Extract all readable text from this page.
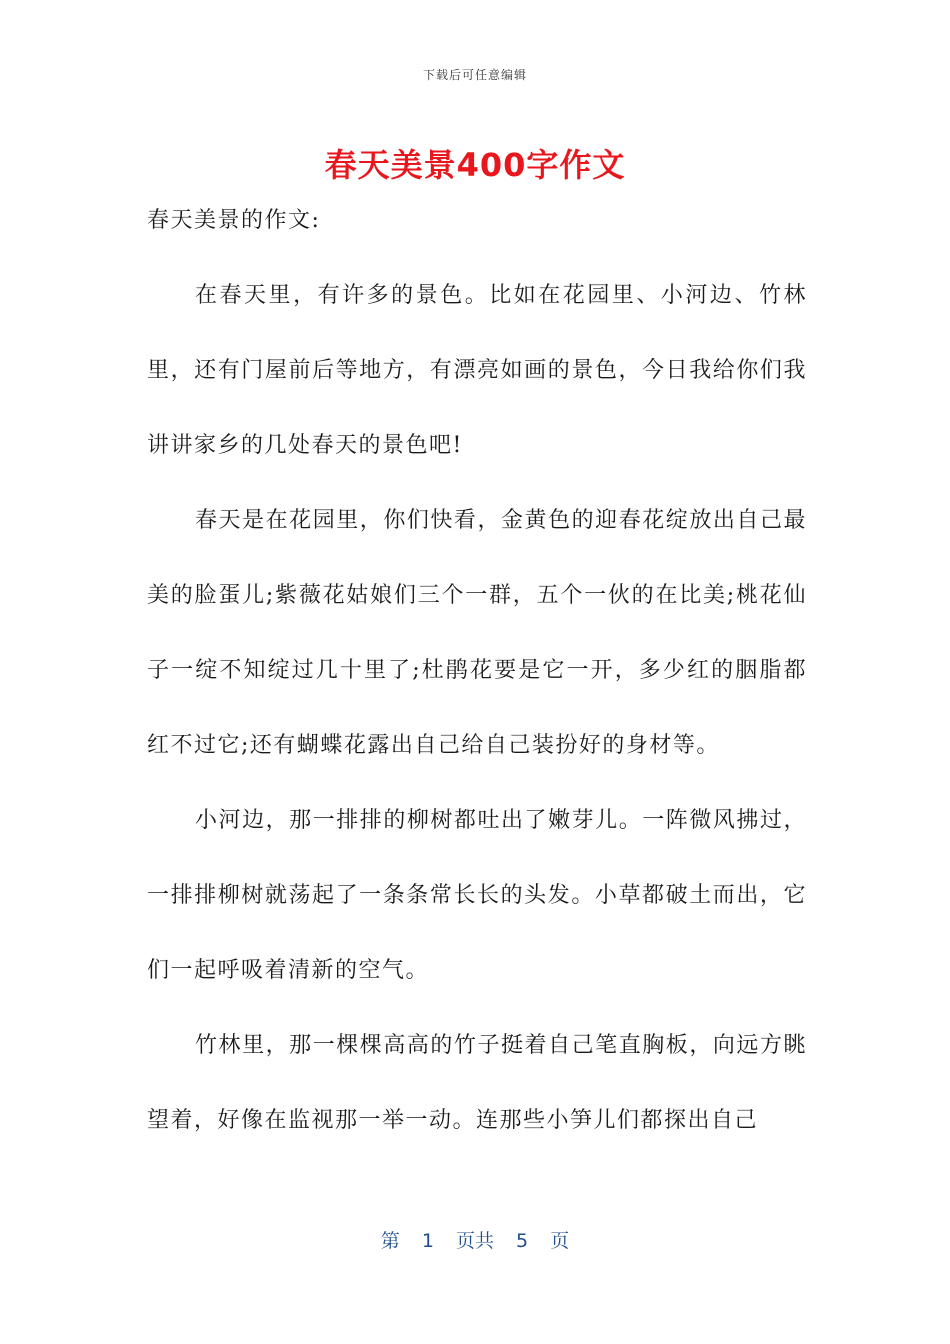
下载后可任意编辑
春天美景400字作文

春天美景的作文:

在春天里，有许多的景色。比如在花园里、小河边、竹林里，还有门屋前后等地方，有漂亮如画的景色，今日我给你们我讲讲家乡的几处春天的景色吧!

春天是在花园里，你们快看，金黄色的迎春花绽放出自己最美的脸蛋儿;紫薇花姑娘们三个一群，五个一伙的在比美;桃花仙子一绽不知绽过几十里了;杜鹃花要是它一开，多少红的胭脂都红不过它;还有蝴蝶花露出自己给自己装扮好的身材等。

小河边，那一排排的柳树都吐出了嫩芽儿。一阵微风拂过，一排排柳树就荡起了一条条常长长的头发。小草都破土而出，它们一起呼吸着清新的空气。

竹林里，那一棵棵高高的竹子挺着自己笔直胸板，向远方眺望着，好像在监视那一举一动。连那些小笋儿们都探出自己

第 1 页共 5 页
